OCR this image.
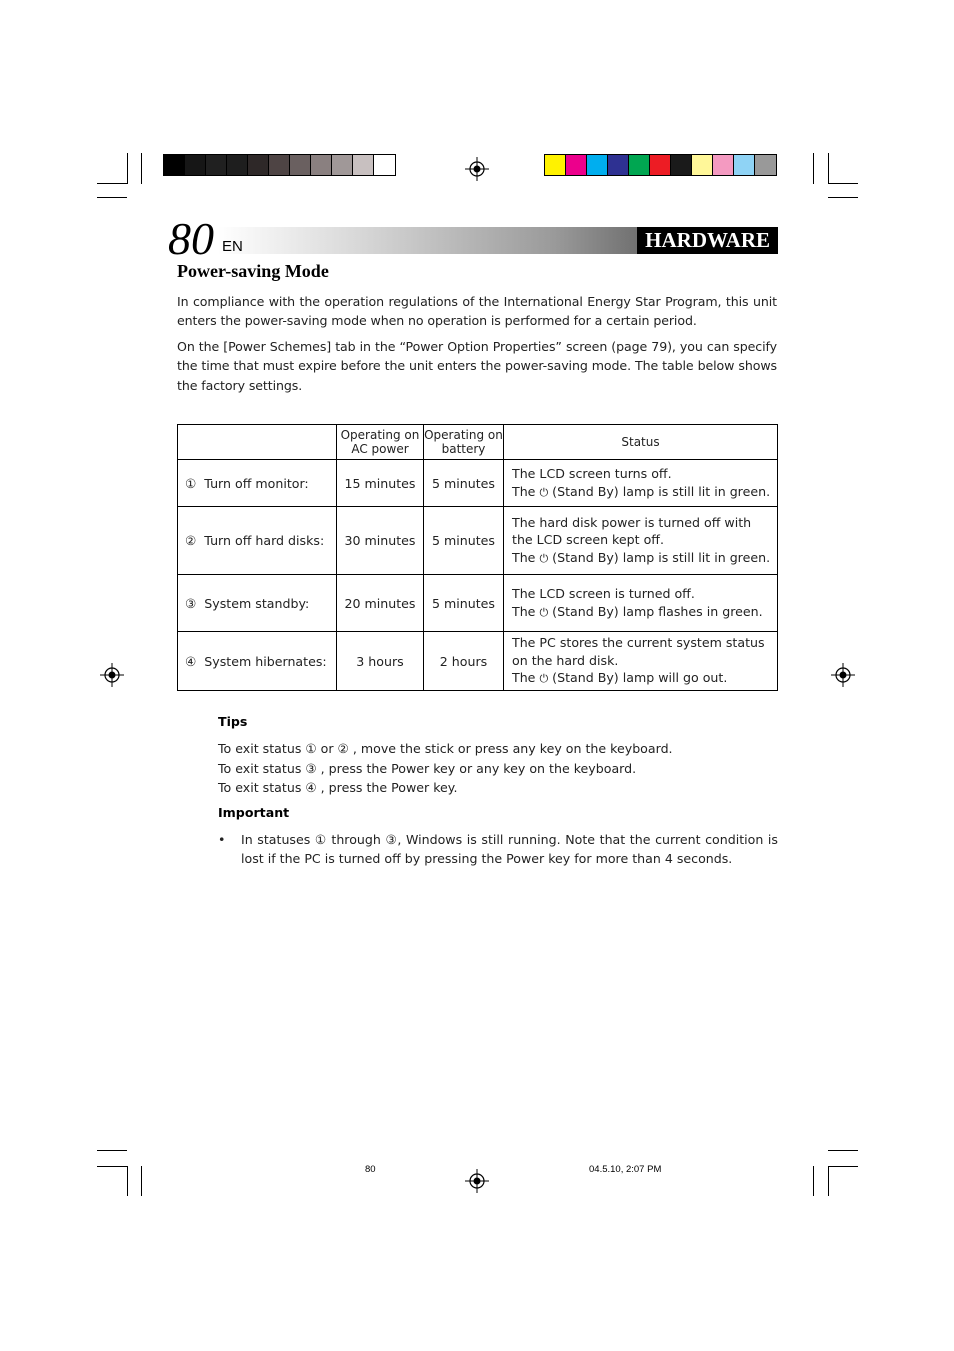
80 EN	HARDWARE
Power-saving Mode

In compliance with the operation regulations of the International Energy Star Program, this unit enters the power-saving mode when no operation is performed for a certain period.

On the [Power Schemes] tab in the “Power Option Properties” screen (page 79), you can specify the time that must expire before the unit enters the power-saving mode. The table below shows the factory settings.

	Operating on AC power	Operating on battery	Status
① Turn off monitor:	15 minutes	5 minutes	The LCD screen turns off.
The ⏻ (Stand By) lamp is still lit in green.

② Turn off hard disks:	30 minutes	5 minutes	The hard disk power is turned off with
the LCD screen kept off.
The ⏻ (Stand By) lamp is still lit in green.

③ System standby:	20 minutes	5 minutes	The LCD screen is turned off.
The ⏻ (Stand By) lamp flashes in green.

④ System hibernates:	3 hours	2 hours	The PC stores the current system status
on the hard disk.
The ⏻ (Stand By) lamp will go out.

Tips

To exit status ① or ② , move the stick or press any key on the keyboard.
To exit status ③ , press the Power key or any key on the keyboard.
To exit status ④ , press the Power key.

Important

• In statuses ① through ③, Windows is still running. Note that the current condition is lost if the PC is turned off by pressing the Power key for more than 4 seconds.
80	04.5.10, 2:07 PM
